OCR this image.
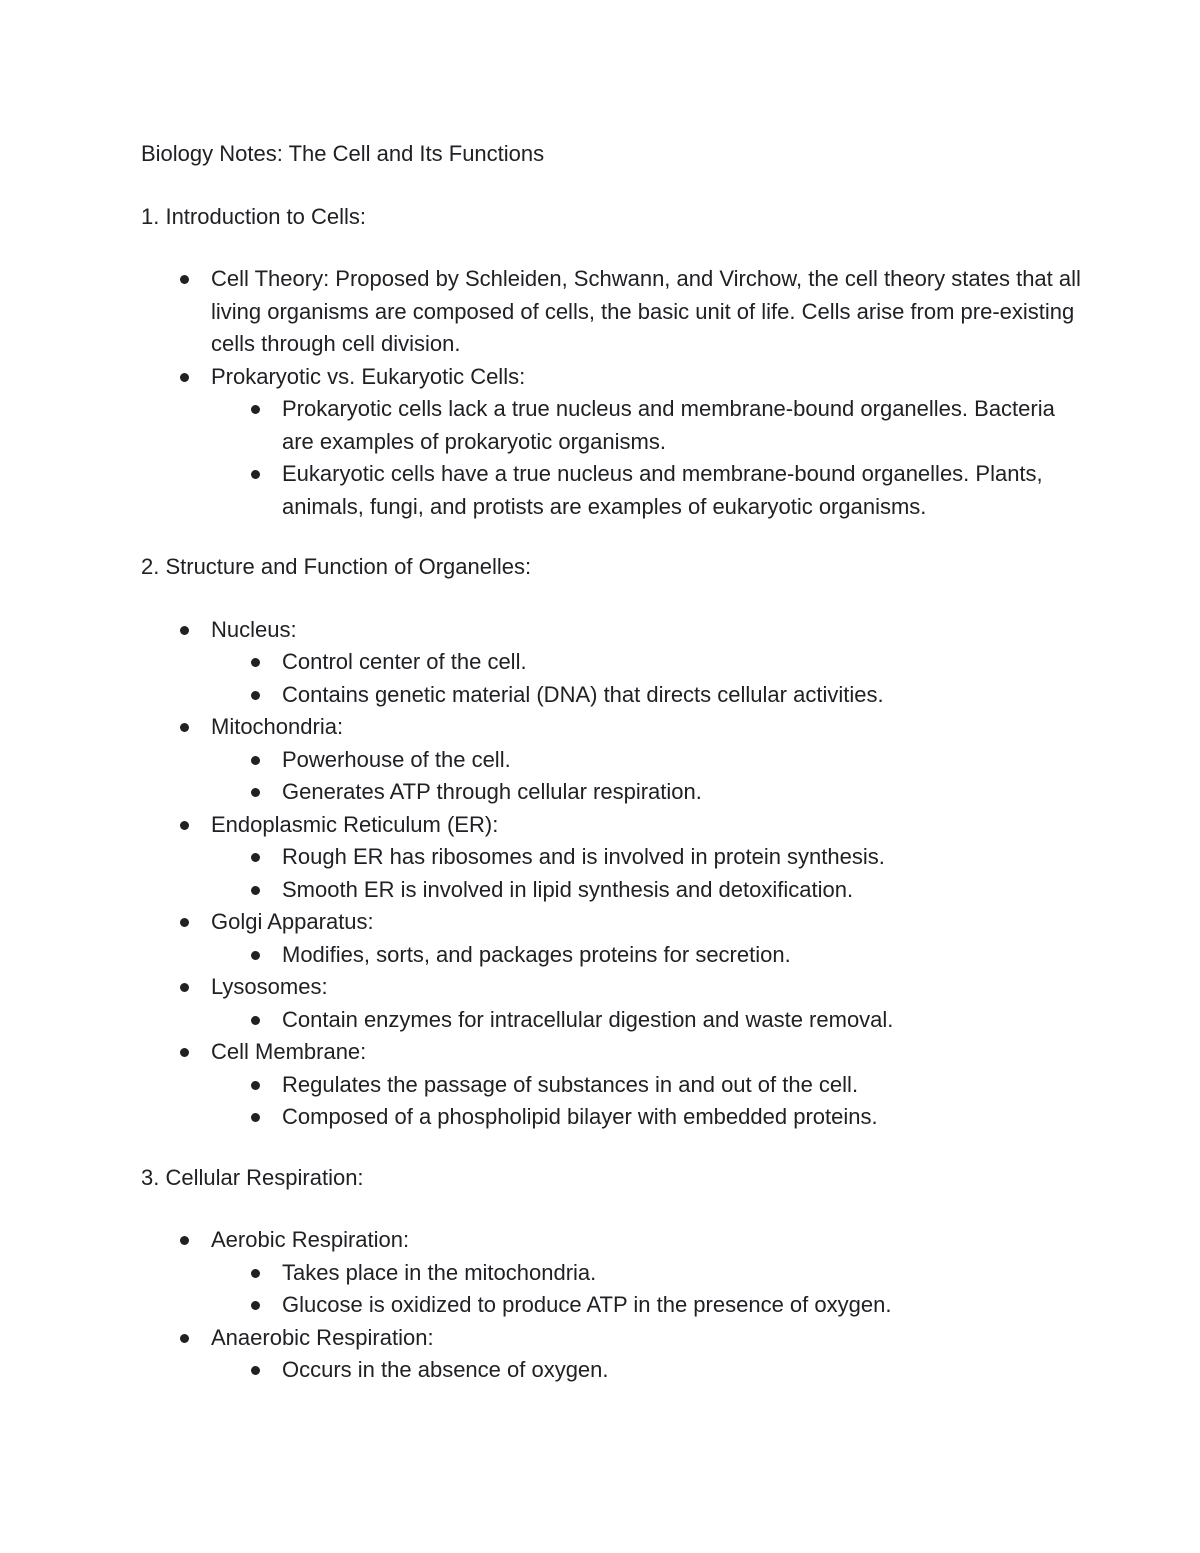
Biology Notes: The Cell and Its Functions
1. Introduction to Cells:
Cell Theory: Proposed by Schleiden, Schwann, and Virchow, the cell theory states that all living organisms are composed of cells, the basic unit of life. Cells arise from pre-existing cells through cell division.
Prokaryotic vs. Eukaryotic Cells:
Prokaryotic cells lack a true nucleus and membrane-bound organelles. Bacteria are examples of prokaryotic organisms.
Eukaryotic cells have a true nucleus and membrane-bound organelles. Plants, animals, fungi, and protists are examples of eukaryotic organisms.
2. Structure and Function of Organelles:
Nucleus:
Control center of the cell.
Contains genetic material (DNA) that directs cellular activities.
Mitochondria:
Powerhouse of the cell.
Generates ATP through cellular respiration.
Endoplasmic Reticulum (ER):
Rough ER has ribosomes and is involved in protein synthesis.
Smooth ER is involved in lipid synthesis and detoxification.
Golgi Apparatus:
Modifies, sorts, and packages proteins for secretion.
Lysosomes:
Contain enzymes for intracellular digestion and waste removal.
Cell Membrane:
Regulates the passage of substances in and out of the cell.
Composed of a phospholipid bilayer with embedded proteins.
3. Cellular Respiration:
Aerobic Respiration:
Takes place in the mitochondria.
Glucose is oxidized to produce ATP in the presence of oxygen.
Anaerobic Respiration:
Occurs in the absence of oxygen.
